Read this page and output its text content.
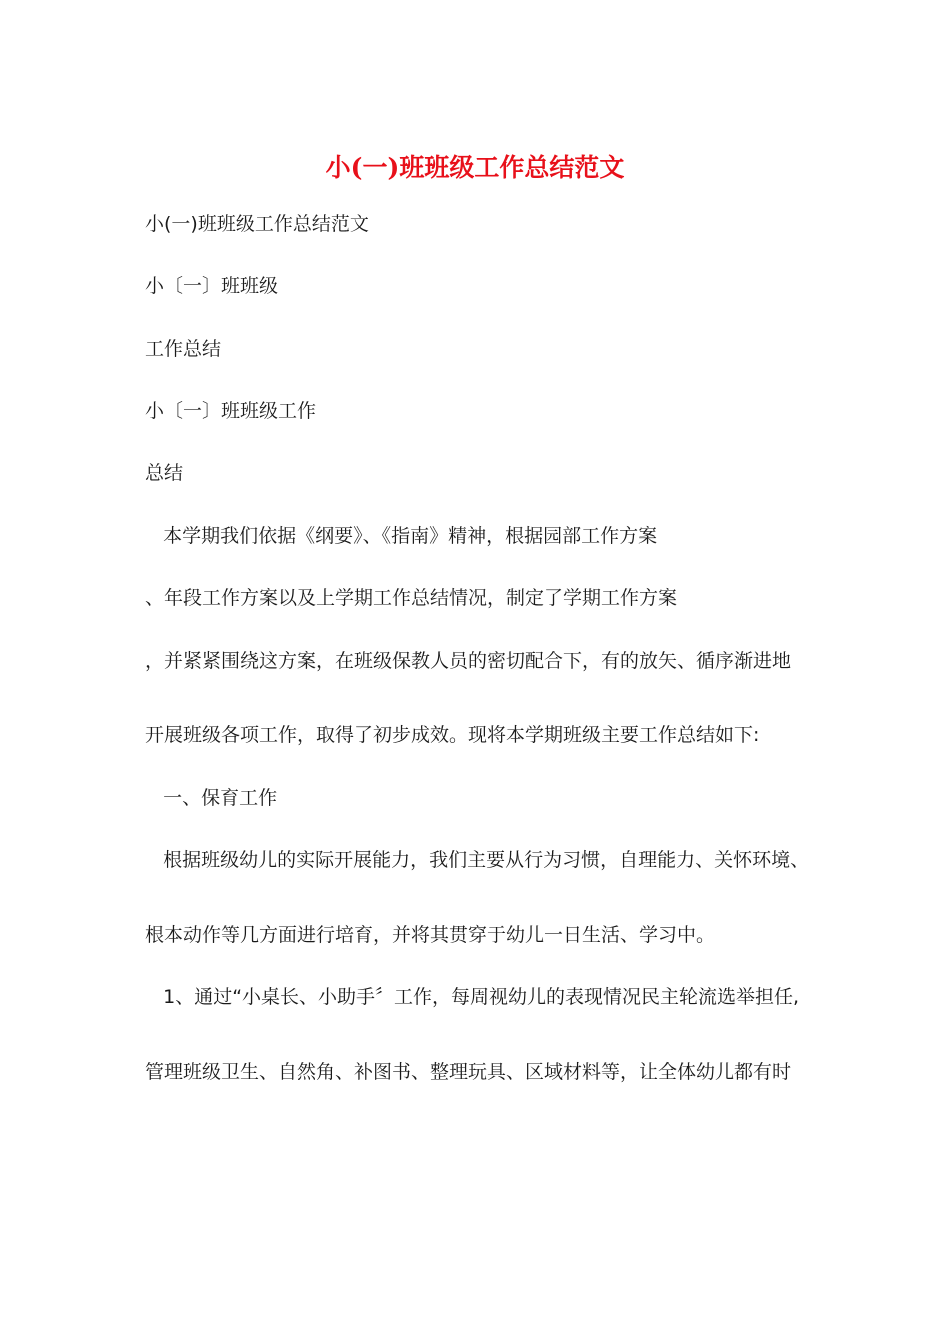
小(一)班班级工作总结范文

小(一)班班级工作总结范文

小〔一〕班班级

工作总结

小〔一〕班班级工作

总结

本学期我们依据《纲要》、《指南》精神，根据园部工作方案

、年段工作方案以及上学期工作总结情况，制定了学期工作方案

，并紧紧围绕这方案，在班级保教人员的密切配合下，有的放矢、循序渐进地

开展班级各项工作，取得了初步成效。现将本学期班级主要工作总结如下:

一、保育工作

根据班级幼儿的实际开展能力，我们主要从行为习惯，自理能力、关怀环境、

根本动作等几方面进行培育，并将其贯穿于幼儿一日生活、学习中。

1、通过“小桌长、小助手〞工作，每周视幼儿的表现情况民主轮流选举担任,

管理班级卫生、自然角、补图书、整理玩具、区域材料等，让全体幼儿都有时
